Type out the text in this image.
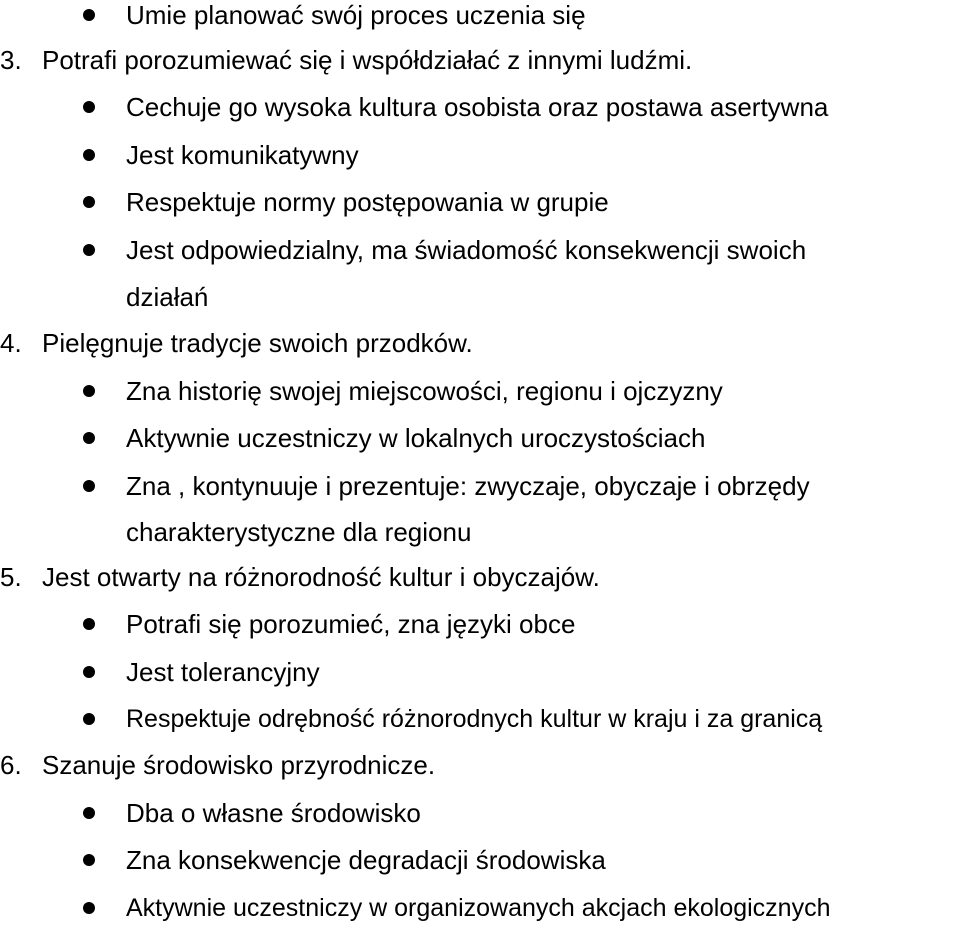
Umie planować swój proces uczenia się
3. Potrafi porozumiewać się i współdziałać z innymi ludźmi.
Cechuje go wysoka kultura osobista oraz postawa asertywna
Jest komunikatywny
Respektuje normy postępowania w grupie
Jest odpowiedzialny, ma świadomość konsekwencji swoich
działań
4. Pielęgnuje tradycje swoich przodków.
Zna historię swojej miejscowości, regionu i ojczyzny
Aktywnie uczestniczy w lokalnych uroczystościach
Zna , kontynuuje i prezentuje: zwyczaje, obyczaje i obrzędy
charakterystyczne dla regionu
5. Jest otwarty na różnorodność kultur i obyczajów.
Potrafi się porozumieć, zna języki obce
Jest tolerancyjny
Respektuje odrębność różnorodnych kultur w kraju i za granicą
6. Szanuje środowisko przyrodnicze.
Dba o własne środowisko
Zna konsekwencje degradacji środowiska
Aktywnie uczestniczy w organizowanych akcjach ekologicznych
